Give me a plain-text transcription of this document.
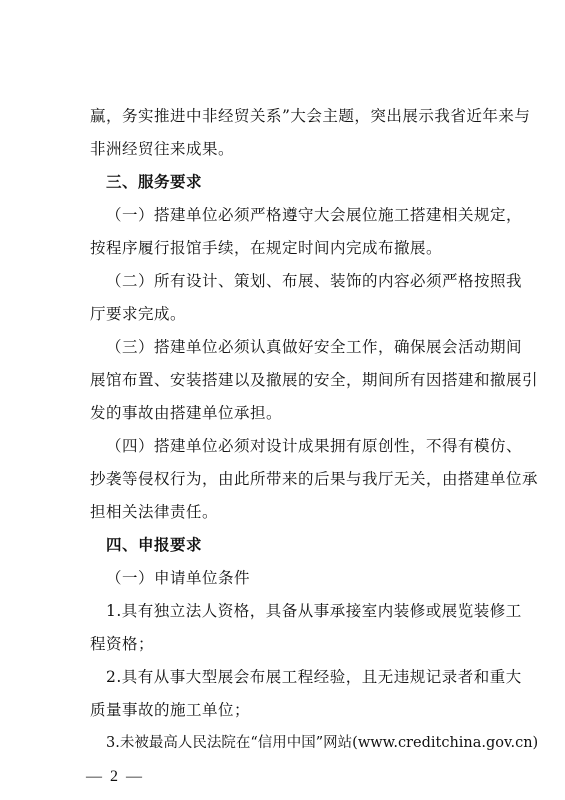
赢，务实推进中非经贸关系”大会主题，突出展示我省近年来与
非洲经贸往来成果。
三、服务要求
（一）搭建单位必须严格遵守大会展位施工搭建相关规定，
按程序履行报馆手续，在规定时间内完成布撤展。
（二）所有设计、策划、布展、装饰的内容必须严格按照我
厅要求完成。
（三）搭建单位必须认真做好安全工作，确保展会活动期间
展馆布置、安装搭建以及撤展的安全，期间所有因搭建和撤展引
发的事故由搭建单位承担。
（四）搭建单位必须对设计成果拥有原创性，不得有模仿、
抄袭等侵权行为，由此所带来的后果与我厅无关，由搭建单位承
担相关法律责任。
四、申报要求
（一）申请单位条件
1.具有独立法人资格，具备从事承接室内装修或展览装修工
程资格；
2.具有从事大型展会布展工程经验，且无违规记录者和重大
质量事故的施工单位；
3.未被最高人民法院在“信用中国”网站(www.creditchina.gov.cn)
— 2 —
